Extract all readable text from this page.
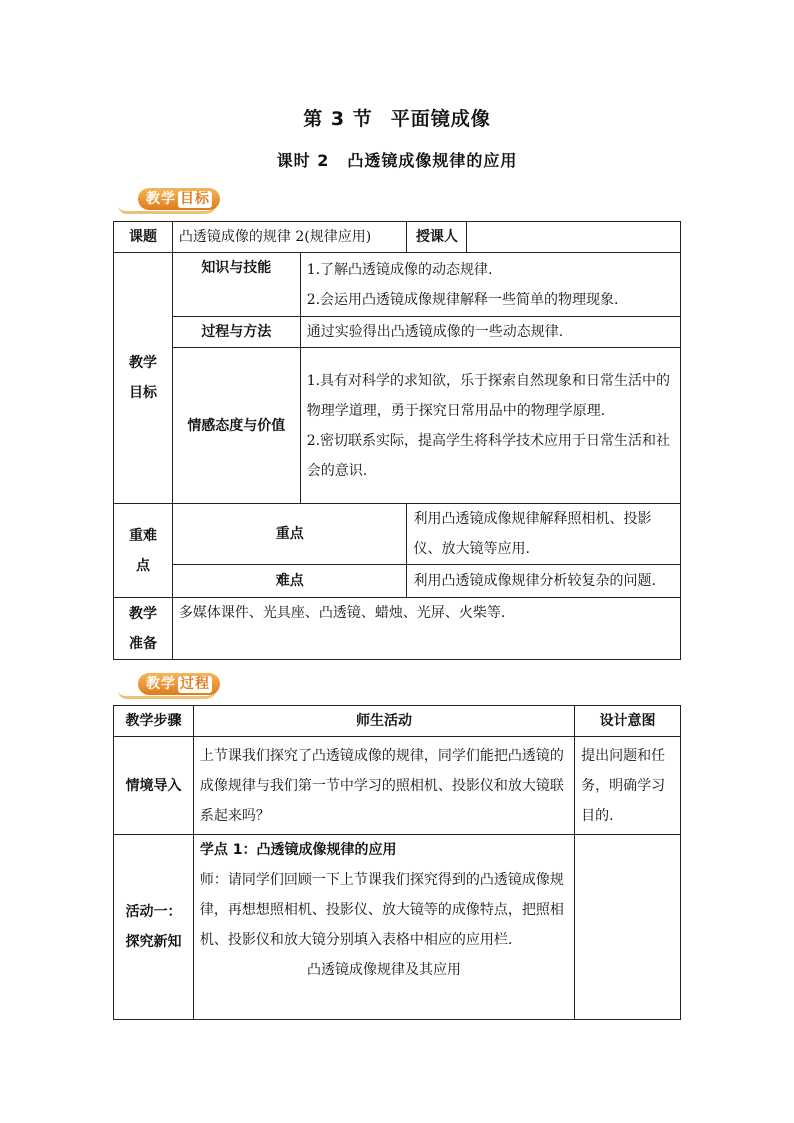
第 3 节 平面镜成像
课时 2 凸透镜成像规律的应用
教学 目标
课题	凸透镜成像的规律 2(规律应用)		授课人	

教学
目标	知识与技能	1.了解凸透镜成像的动态规律.
2.会运用凸透镜成像规律解释一些简单的物理现象.		

	过程与方法	通过实验得出凸透镜成像的一些动态规律.		
	情感态度与价值	1.具有对科学的求知欲，乐于探索自然现象和日常生活中的物理学道理，勇于探究日常用品中的物理学原理.
2.密切联系实际，提高学生将科学技术应用于日常生活和社会的意识.		

重难
点	重点		利用凸透镜成像规律解释照相机、投影仪、放大镜等应用.	
	难点		利用凸透镜成像规律分析较复杂的问题.	

教学
准备	多媒体课件、光具座、凸透镜、蜡烛、光屏、火柴等.			
教学 过程
教学步骤	师生活动	设计意图
情境导入	上节课我们探究了凸透镜成像的规律，同学们能把凸透镜的成像规律与我们第一节中学习的照相机、投影仪和放大镜联系起来吗？	提出问题和任务，明确学习目的.

活动一：
探究新知	学点 1：凸透镜成像规律的应用
师：请同学们回顾一下上节课我们探究得到的凸透镜成像规律，再想想照相机、投影仪、放大镜等的成像特点，把照相机、投影仪和放大镜分别填入表格中相应的应用栏.
凸透镜成像规律及其应用	
